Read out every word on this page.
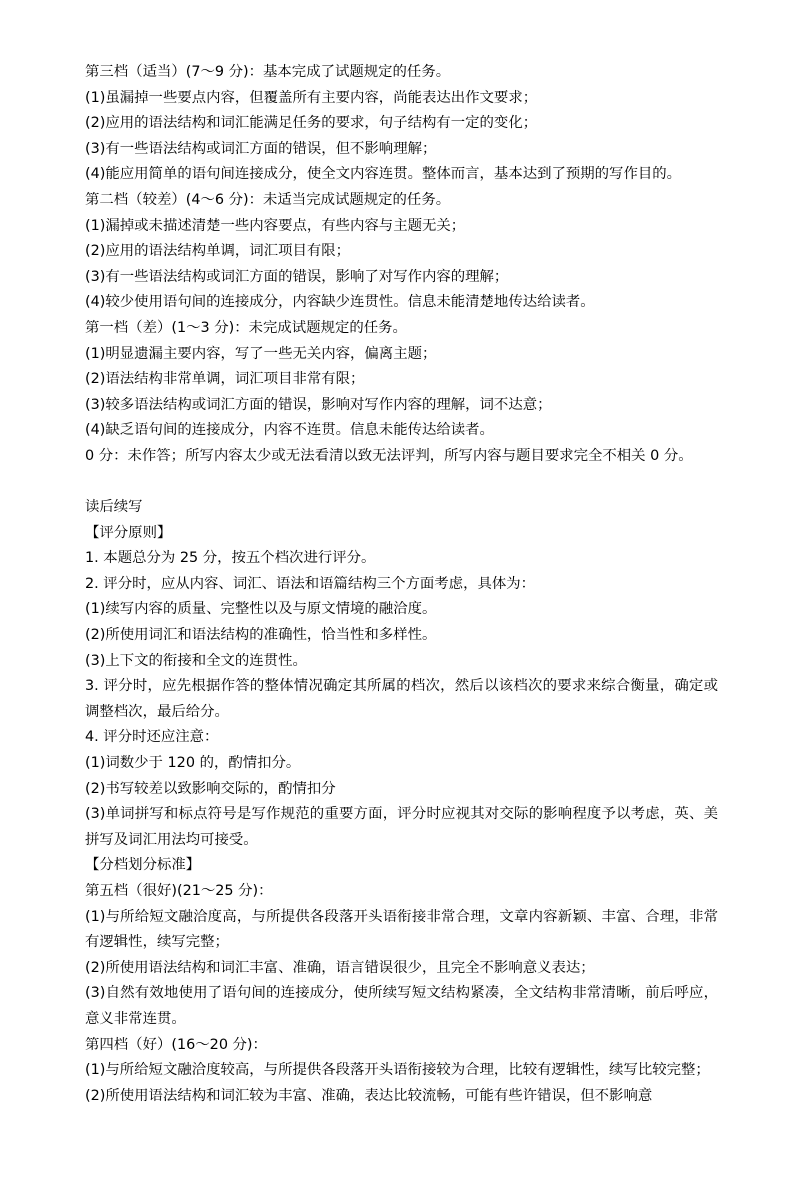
第三档（适当）(7～9 分)：基本完成了试题规定的任务。
(1)虽漏掉一些要点内容，但覆盖所有主要内容，尚能表达出作文要求；
(2)应用的语法结构和词汇能满足任务的要求，句子结构有一定的变化；
(3)有一些语法结构或词汇方面的错误，但不影响理解；
(4)能应用简单的语句间连接成分，使全文内容连贯。整体而言，基本达到了预期的写作目的。
第二档（较差）(4～6 分)：未适当完成试题规定的任务。
(1)漏掉或未描述清楚一些内容要点，有些内容与主题无关；
(2)应用的语法结构单调，词汇项目有限；
(3)有一些语法结构或词汇方面的错误，影响了对写作内容的理解；
(4)较少使用语句间的连接成分，内容缺少连贯性。信息未能清楚地传达给读者。
第一档（差）(1～3 分)：未完成试题规定的任务。
(1)明显遗漏主要内容，写了一些无关内容，偏离主题；
(2)语法结构非常单调，词汇项目非常有限；
(3)较多语法结构或词汇方面的错误，影响对写作内容的理解，词不达意；
(4)缺乏语句间的连接成分，内容不连贯。信息未能传达给读者。
0 分：未作答；所写内容太少或无法看清以致无法评判，所写内容与题目要求完全不相关 0 分。
读后续写
【评分原则】
1. 本题总分为 25 分，按五个档次进行评分。
2. 评分时，应从内容、词汇、语法和语篇结构三个方面考虑，具体为：
(1)续写内容的质量、完整性以及与原文情境的融洽度。
(2)所使用词汇和语法结构的准确性，恰当性和多样性。
(3)上下文的衔接和全文的连贯性。
3. 评分时，应先根据作答的整体情况确定其所属的档次，然后以该档次的要求来综合衡量，确定或调整档次，最后给分。
4. 评分时还应注意：
(1)词数少于 120 的，酌情扣分。
(2)书写较差以致影响交际的，酌情扣分
(3)单词拼写和标点符号是写作规范的重要方面，评分时应视其对交际的影响程度予以考虑，英、美拼写及词汇用法均可接受。
【分档划分标准】
第五档（很好)(21～25 分)：
(1)与所给短文融洽度高，与所提供各段落开头语衔接非常合理，文章内容新颖、丰富、合理，非常有逻辑性，续写完整；
(2)所使用语法结构和词汇丰富、准确，语言错误很少，且完全不影响意义表达；
(3)自然有效地使用了语句间的连接成分，使所续写短文结构紧凑，全文结构非常清晰，前后呼应，意义非常连贯。
第四档（好）(16～20 分)：
(1)与所给短文融洽度较高，与所提供各段落开头语衔接较为合理，比较有逻辑性，续写比较完整；
(2)所使用语法结构和词汇较为丰富、准确，表达比较流畅，可能有些许错误，但不影响意
